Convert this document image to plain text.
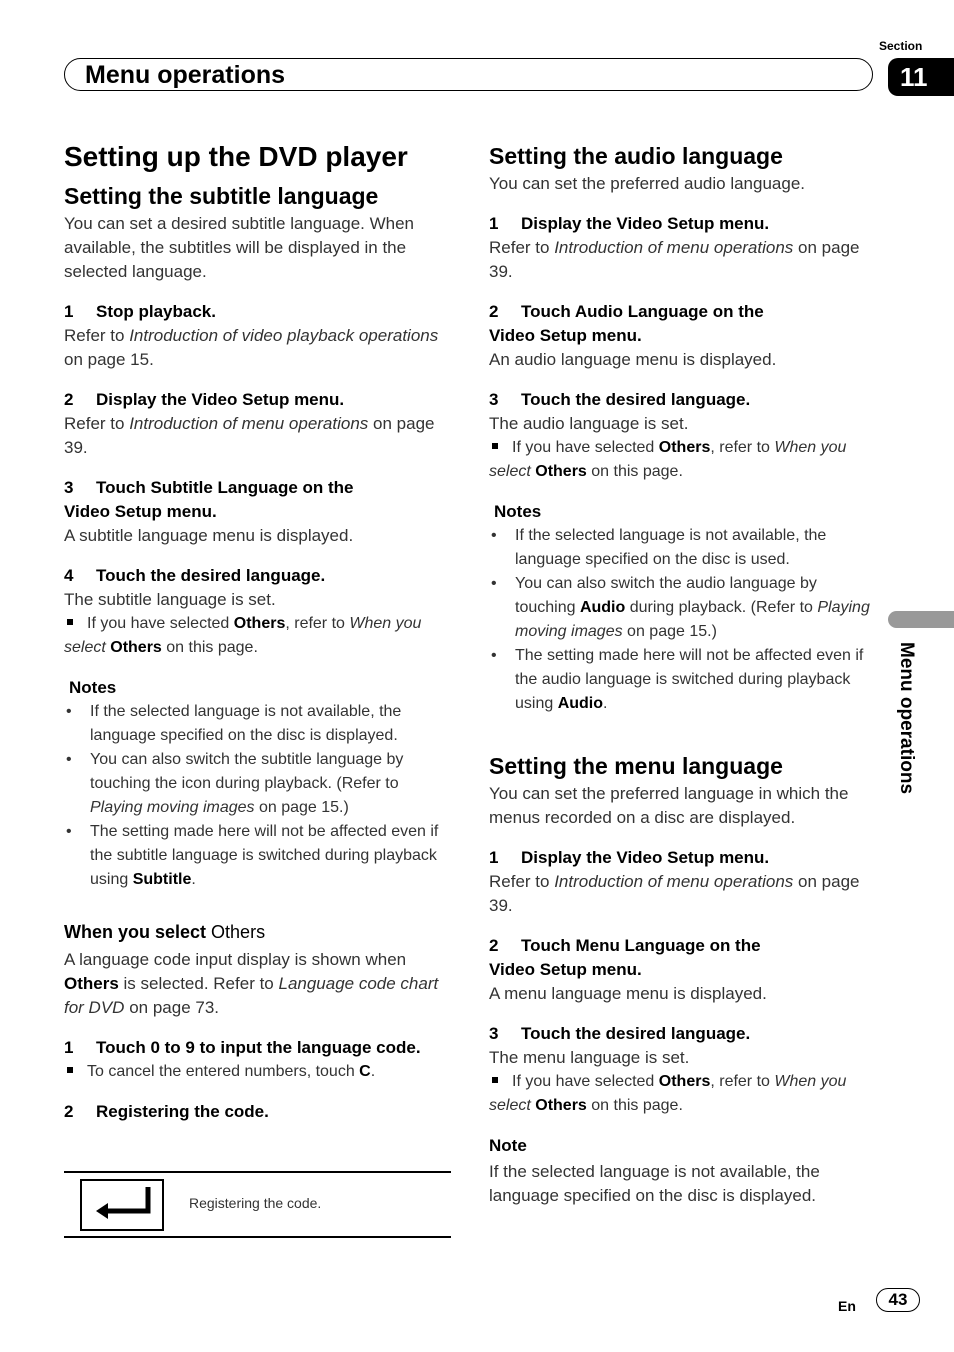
Section
Menu operations	11
Menu operations

Setting up the DVD player

Setting the subtitle language

You can set a desired subtitle language. When available, the subtitles will be displayed in the selected language.

1 Stop playback.

Refer to Introduction of video playback operations on page 15.

2 Display the Video Setup menu.

Refer to Introduction of menu operations on page 39.

3 Touch Subtitle Language on the Video Setup menu.

A subtitle language menu is displayed.

4 Touch the desired language.

The subtitle language is set.

If you have selected Others, refer to When you select Others on this page.

Notes

• If the selected language is not available, the language specified on the disc is displayed.

• You can also switch the subtitle language by touching the icon during playback. (Refer to Playing moving images on page 15.)

• The setting made here will not be affected even if the subtitle language is switched during playback using Subtitle.

When you select Others

A language code input display is shown when Others is selected. Refer to Language code chart for DVD on page 73.

1 Touch 0 to 9 to input the language code.

To cancel the entered numbers, touch C.

2 Registering the code.

Registering the code.

Setting the audio language

You can set the preferred audio language.

1 Display the Video Setup menu.

Refer to Introduction of menu operations on page 39.

2 Touch Audio Language on the Video Setup menu.

An audio language menu is displayed.

3 Touch the desired language.

The audio language is set.

If you have selected Others, refer to When you select Others on this page.

Notes

• If the selected language is not available, the language specified on the disc is used.

• You can also switch the audio language by touching Audio during playback. (Refer to Playing moving images on page 15.)

• The setting made here will not be affected even if the audio language is switched during playback using Audio.

Setting the menu language

You can set the preferred language in which the menus recorded on a disc are displayed.

1 Display the Video Setup menu.

Refer to Introduction of menu operations on page 39.

2 Touch Menu Language on the Video Setup menu.

A menu language menu is displayed.

3 Touch the desired language.

The menu language is set.

If you have selected Others, refer to When you select Others on this page.

Note

If the selected language is not available, the language specified on the disc is displayed.

En	43
